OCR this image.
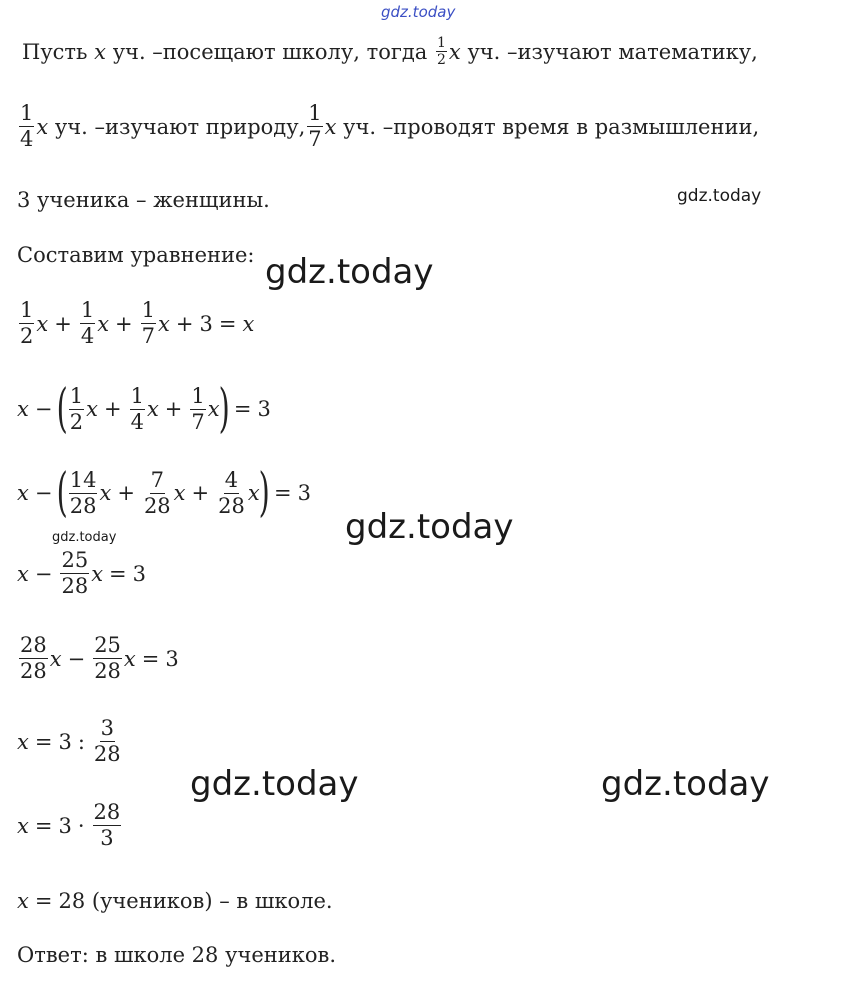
gdz.today
gdz.today
gdz.today
gdz.today
gdz.today
gdz.today	gdz.today
Пусть
x
уч. –посещают школу, тогда
$\frac{1}{2}$ x
уч. –изучают математику,
$\frac{1}{4}$ x
уч. –изучают природу, $\frac{1}{7}$ x
уч. –проводят время в размышлении,
3 ученика – женщины.
Составим уравнение:
$\frac{1}{2}$ $x + \frac{1}{4}$ $x + \frac{1}{7}$ x + 3 = x
x − ( $\frac{1}{2}$ $x + \frac{1}{4}$ $x + \frac{1}{7}$ x
) = 3
x − ( $\frac{14}{28}$ $x + \frac{7}{28}$ $x + \frac{4}{28}$ x
) = 3
$x - \frac{25}{28}$ x = 3
$\frac{28}{28}$ $x - \frac{25}{28}$ x = 3
x = 3 : $\frac{3}{28}$
$x = 3 \cdot \frac{28}{3}$
x = 28
(учеников) – в школе.
Ответ: в школе 28 учеников.
